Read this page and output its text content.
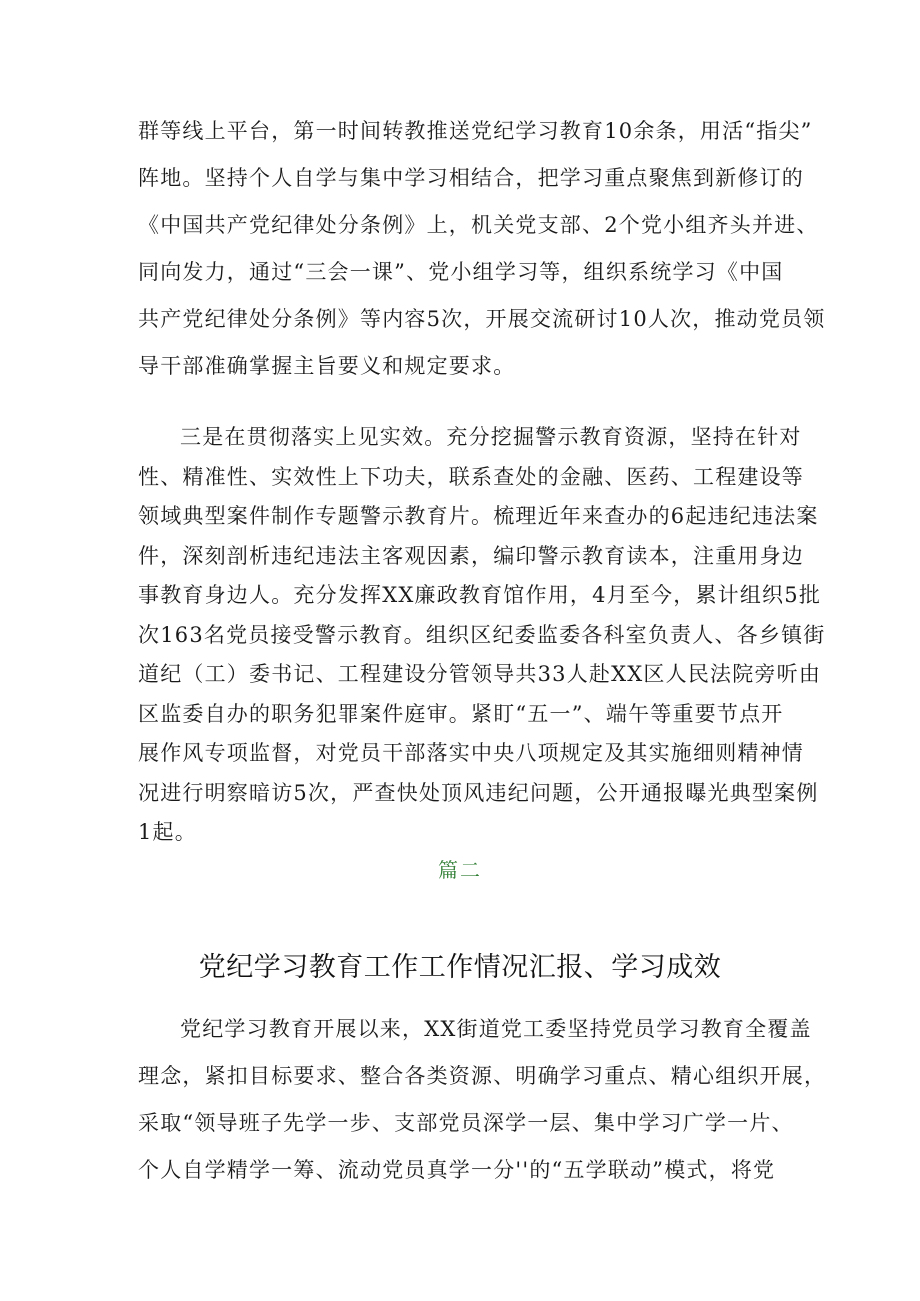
群等线上平台，第一时间转教推送党纪学习教育10余条，用活“指尖”
阵地。坚持个人自学与集中学习相结合，把学习重点聚焦到新修订的
《中国共产党纪律处分条例》上，机关党支部、2个党小组齐头并进、
同向发力，通过“三会一课”、党小组学习等，组织系统学习《中国
共产党纪律处分条例》等内容5次，开展交流研讨10人次，推动党员领
导干部准确掌握主旨要义和规定要求。
三是在贯彻落实上见实效。充分挖掘警示教育资源，坚持在针对
性、精准性、实效性上下功夫，联系查处的金融、医药、工程建设等
领域典型案件制作专题警示教育片。梳理近年来查办的6起违纪违法案
件，深刻剖析违纪违法主客观因素，编印警示教育读本，注重用身边
事教育身边人。充分发挥XX廉政教育馆作用，4月至今，累计组织5批
次163名党员接受警示教育。组织区纪委监委各科室负责人、各乡镇街
道纪（工）委书记、工程建设分管领导共33人赴XX区人民法院旁听由
区监委自办的职务犯罪案件庭审。紧盯“五一”、端午等重要节点开
展作风专项监督，对党员干部落实中央八项规定及其实施细则精神情
况进行明察暗访5次，严查快处顶风违纪问题，公开通报曝光典型案例
1起。
篇二
党纪学习教育工作工作情况汇报、学习成效
党纪学习教育开展以来，XX街道党工委坚持党员学习教育全覆盖
理念，紧扣目标要求、整合各类资源、明确学习重点、精心组织开展，
采取“领导班子先学一步、支部党员深学一层、集中学习广学一片、
个人自学精学一筹、流动党员真学一分''的“五学联动”模式，将党
